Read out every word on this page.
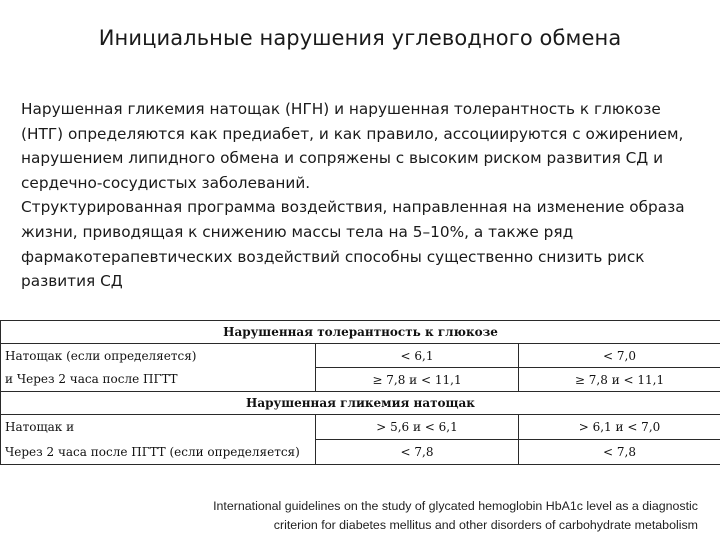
Инициальные нарушения углеводного обмена

Нарушенная гликемия натощак (НГН) и нарушенная толерантность к глюкозе (НТГ) определяются как предиабет, и как правило, ассоциируются с ожирением, нарушением липидного обмена и сопряжены с высоким риском развития СД и сердечно-сосудистых заболеваний.

Структурированная программа воздействия, направленная на изменение образа жизни, приводящая к снижению массы тела на 5–10%, а также ряд фармакотерапевтических воздействий способны существенно снизить риск развития СД

Нарушенная толерантность к глюкозе		
Натощак (если определяется)	< 6,1	< 7,0
и Через 2 часа после ПГТТ	≥ 7,8 и < 11,1	≥ 7,8 и < 11,1
Нарушенная гликемия натощак		
Натощак и	> 5,6 и < 6,1	> 6,1 и < 7,0
Через 2 часа после ПГТТ (если определяется)	< 7,8	< 7,8
International guidelines on the study of glycated hemoglobin HbA1c level as a diagnostic
criterion for diabetes mellitus and other disorders of carbohydrate metabolism
